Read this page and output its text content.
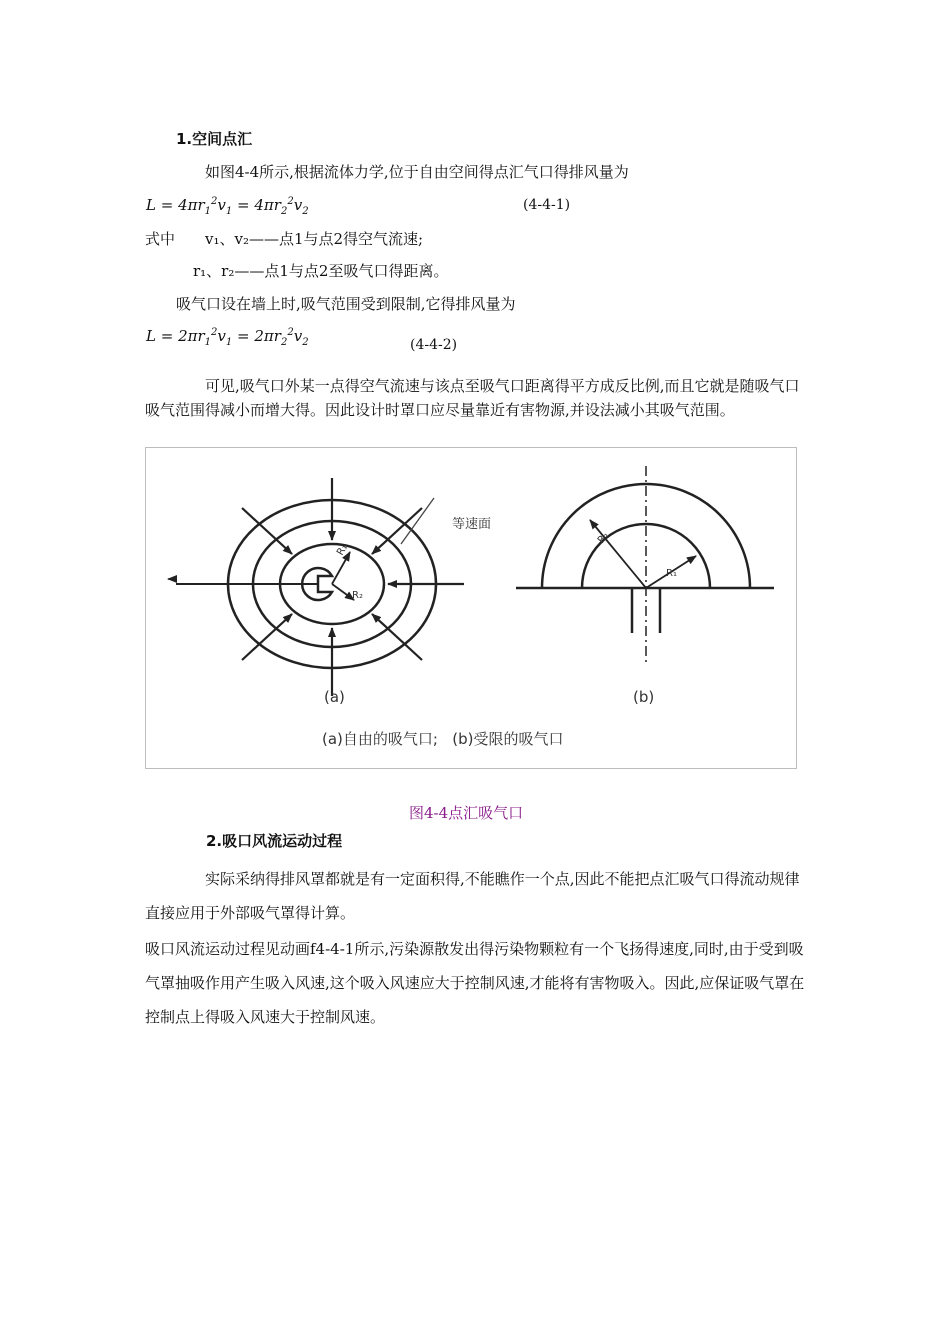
1.空间点汇
如图4-4所示,根据流体力学,位于自由空间得点汇气口得排风量为
$L = 4\pi r_1^2v_1 = 4\pi r_2^2v_2$	(4-4-1)
式中 v₁、v₂——点1与点2得空气流速;
r₁、r₂——点1与点2至吸气口得距离。
吸气口设在墙上时,吸气范围受到限制,它得排风量为
$L = 2\pi r_1^2v_1 = 2\pi r_2^2v_2$	(4-4-2)
可见,吸气口外某一点得空气流速与该点至吸气口距离得平方成反比例,而且它就是随吸气口吸气范围得减小而增大得。因此设计时罩口应尽量靠近有害物源,并设法减小其吸气范围。
等速面
R₁
R₂
R₂
R₁
(a)	(b)
(a)自由的吸气口;   (b)受限的吸气口
图4-4点汇吸气口
2.吸口风流运动过程
实际采纳得排风罩都就是有一定面积得,不能瞧作一个点,因此不能把点汇吸气口得流动规律直接应用于外部吸气罩得计算。
吸口风流运动过程见动画f4-4-1所示,污染源散发出得污染物颗粒有一个飞扬得速度,同时,由于受到吸气罩抽吸作用产生吸入风速,这个吸入风速应大于控制风速,才能将有害物吸入。因此,应保证吸气罩在控制点上得吸入风速大于控制风速。
